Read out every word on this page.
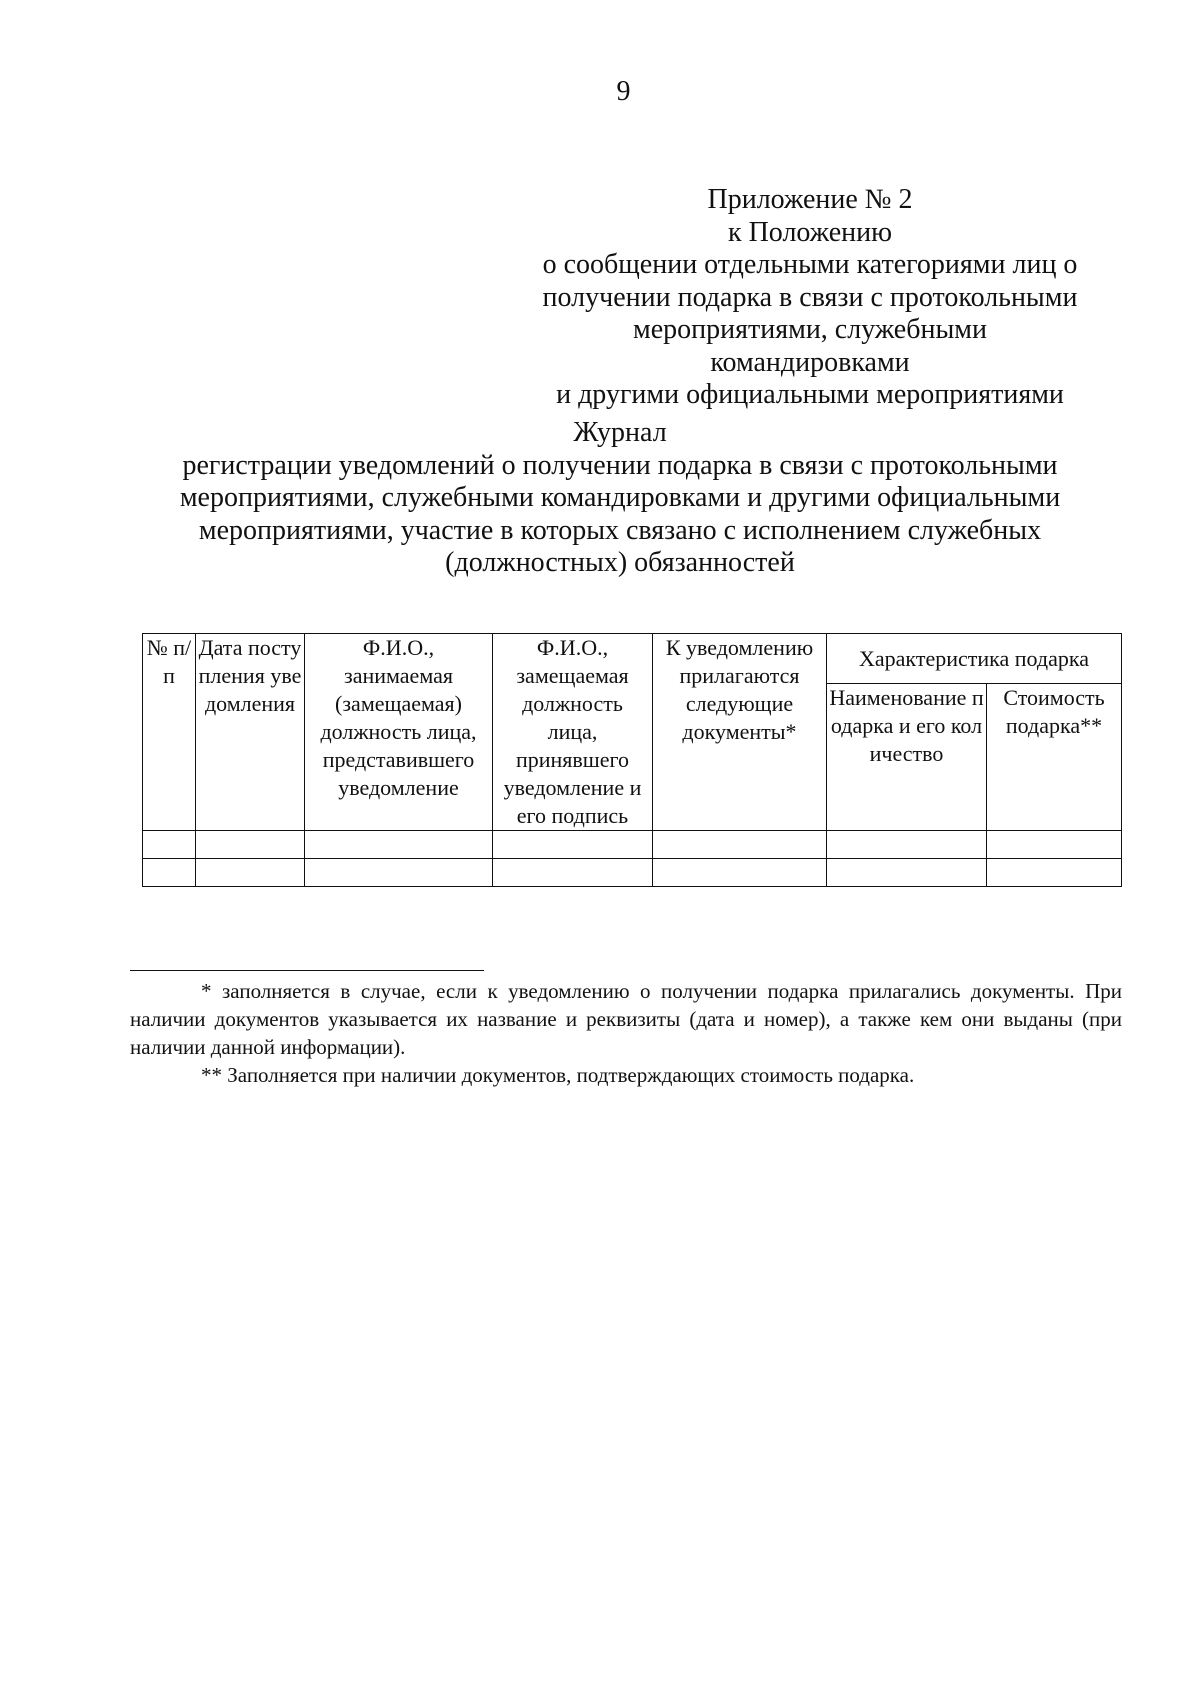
9
Приложение № 2
к Положению
о сообщении отдельными категориями лиц о
получении подарка в связи с протокольными
мероприятиями, служебными командировками
и другими официальными мероприятиями
Журнал
регистрации уведомлений о получении подарка в связи с протокольными
мероприятиями, служебными командировками и другими официальными
мероприятиями, участие в которых связано с исполнением служебных
(должностных) обязанностей
№ п/п	Дата поступления уведомления	Ф.И.О., занимаемая (замещаемая) должность лица, представившего уведомление	Ф.И.О., замещаемая должность лица, принявшего уведомление и его подпись	К уведомлению прилагаются следующие документы*	Характеристика подарка	
					Наименование подарка и его количество	Стоимость подарка**

* заполняется в случае, если к уведомлению о получении подарка прилагались документы. При наличии документов указывается их название и реквизиты (дата и номер), а также кем они выданы (при наличии данной информации).

** Заполняется при наличии документов, подтверждающих стоимость подарка.
